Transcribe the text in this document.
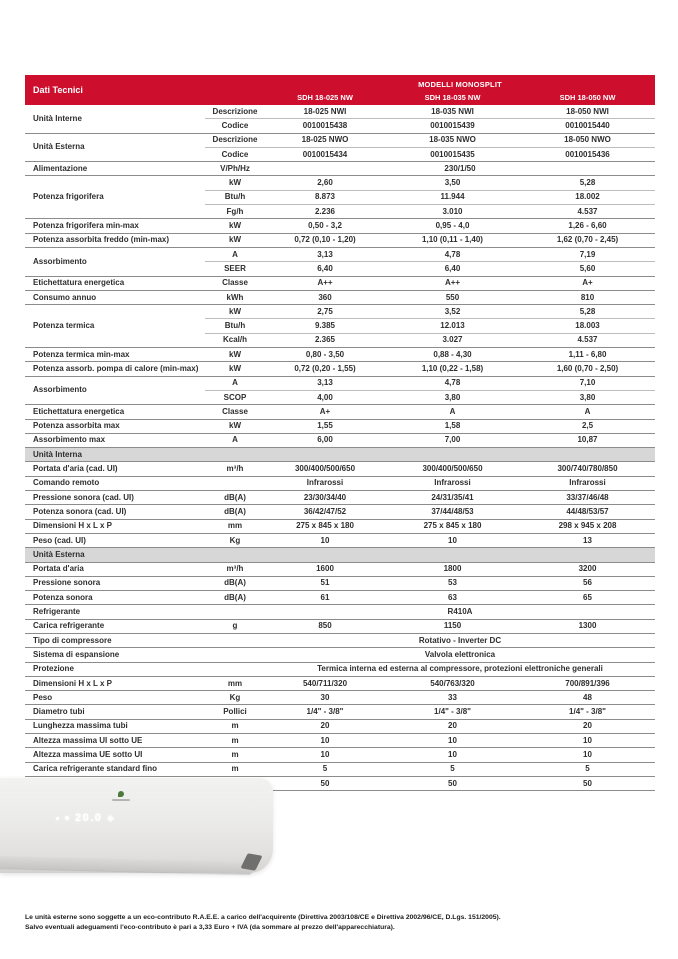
Dati Tecnici
MODELLI MONOSPLIT
SDH 18-025 NW	SDH 18-035 NW	SDH 18-050 NW
Unità Interne	Descrizione	18-025 NWI	18-035 NWI	18-050 NWI
	Codice	0010015438	0010015439	0010015440
Unità Esterna	Descrizione	18-025 NWO	18-035 NWO	18-050 NWO
	Codice	0010015434	0010015435	0010015436
Alimentazione	V/Ph/Hz	230/1/50		
Potenza frigorifera	kW	2,60	3,50	5,28
	Btu/h	8.873	11.944	18.002
	Fg/h	2.236	3.010	4.537
Potenza frigorifera min-max	kW	0,50 - 3,2	0,95 - 4,0	1,26 - 6,60
Potenza assorbita freddo (min-max)	kW	0,72 (0,10 - 1,20)	1,10 (0,11 - 1,40)	1,62 (0,70 - 2,45)
Assorbimento	A	3,13	4,78	7,19
	SEER	6,40	6,40	5,60
Etichettatura energetica	Classe	A++	A++	A+
Consumo annuo	kWh	360	550	810
Potenza termica	kW	2,75	3,52	5,28
	Btu/h	9.385	12.013	18.003
	Kcal/h	2.365	3.027	4.537
Potenza termica min-max	kW	0,80 - 3,50	0,88 - 4,30	1,11 - 6,80
Potenza assorb. pompa di calore (min-max)	kW	0,72 (0,20 - 1,55)	1,10 (0,22 - 1,58)	1,60 (0,70 - 2,50)
Assorbimento	A	3,13	4,78	7,10
	SCOP	4,00	3,80	3,80
Etichettatura energetica	Classe	A+	A	A
Potenza assorbita max	kW	1,55	1,58	2,5
Assorbimento max	A	6,00	7,00	10,87
Unità Interna				
Portata d'aria (cad. UI)	m³/h	300/400/500/650	300/400/500/650	300/740/780/850
Comando remoto		Infrarossi	Infrarossi	Infrarossi
Pressione sonora (cad. UI)	dB(A)	23/30/34/40	24/31/35/41	33/37/46/48
Potenza sonora (cad. UI)	dB(A)	36/42/47/52	37/44/48/53	44/48/53/57
Dimensioni H x L x P	mm	275 x 845 x 180	275 x 845 x 180	298 x 945 x 208
Peso (cad. UI)	Kg	10	10	13
Unità Esterna				
Portata d'aria	m³/h	1600	1800	3200
Pressione sonora	dB(A)	51	53	56
Potenza sonora	dB(A)	61	63	65
Refrigerante		R410A		
Carica refrigerante	g	850	1150	1300
Tipo di compressore		Rotativo - Inverter DC		
Sistema di espansione		Valvola elettronica		
Protezione		Termica interna ed esterna al compressore, protezioni elettroniche generali		
Dimensioni H x L x P	mm	540/711/320	540/763/320	700/891/396
Peso	Kg	30	33	48
Diametro tubi	Pollici	1/4" - 3/8"	1/4" - 3/8"	1/4" - 3/8"
Lunghezza massima tubi	m	20	20	20
Altezza massima UI sotto UE	m	10	10	10
Altezza massima UE sotto UI	m	10	10	10
Carica refrigerante standard fino	m	5	5	5
		50	50	50
20.0
Le unità esterne sono soggette a un eco-contributo R.A.E.E. a carico dell'acquirente (Direttiva 2003/108/CE e Direttiva 2002/96/CE, D.Lgs. 151/2005).
Salvo eventuali adeguamenti l'eco-contributo è pari a 3,33 Euro + IVA (da sommare al prezzo dell'apparecchiatura).
